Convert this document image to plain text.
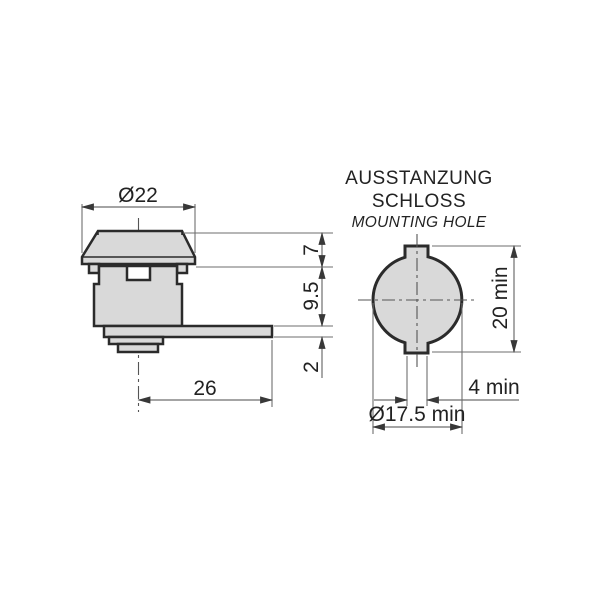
Ø22
7
9.5
2
26
AUSSTANZUNG
SCHLOSS
MOUNTING HOLE
20 min
4 min
Ø17.5 min
